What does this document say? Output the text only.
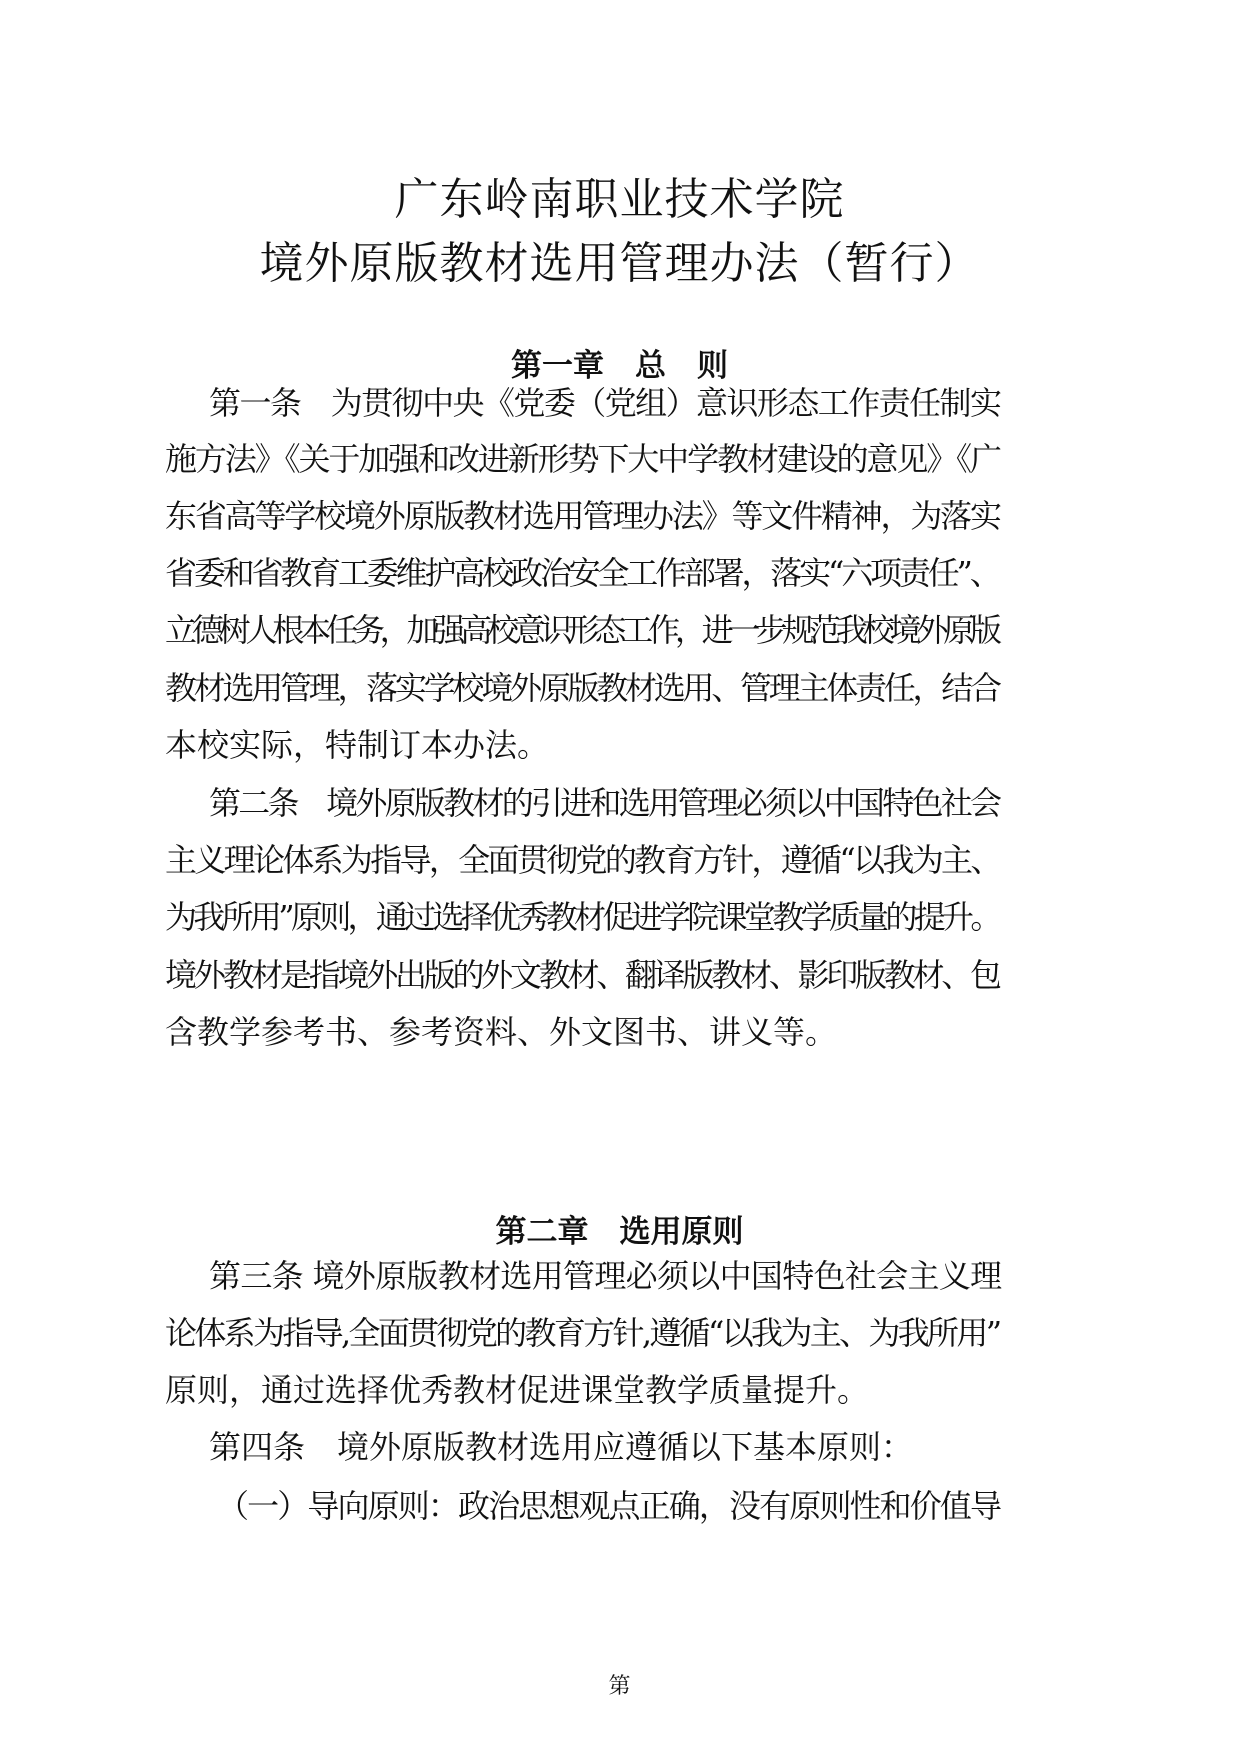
广东岭南职业技术学院
境外原版教材选用管理办法（暂行）
第一章　总　则
第一条　为贯彻中央《党委（党组）意识形态工作责任制实
施方法》《关于加强和改进新形势下大中学教材建设的意见》《广
东省高等学校境外原版教材选用管理办法》等文件精神，为落实
省委和省教育工委维护高校政治安全工作部署，落实“六项责任”、
立德树人根本任务，加强高校意识形态工作，进一步规范我校境外原版
教材选用管理，落实学校境外原版教材选用、管理主体责任，结合
本校实际，特制订本办法。
第二条　境外原版教材的引进和选用管理必须以中国特色社会
主义理论体系为指导，全面贯彻党的教育方针，遵循“以我为主、
为我所用”原则，通过选择优秀教材促进学院课堂教学质量的提升。
境外教材是指境外出版的外文教材、翻译版教材、影印版教材、包
含教学参考书、参考资料、外文图书、讲义等。
第二章　选用原则
第三条 境外原版教材选用管理必须以中国特色社会主义理
论体系为指导,全面贯彻党的教育方针,遵循“以我为主、为我所用”
原则，通过选择优秀教材促进课堂教学质量提升。
第四条　境外原版教材选用应遵循以下基本原则：
（一）导向原则：政治思想观点正确，没有原则性和价值导
第
